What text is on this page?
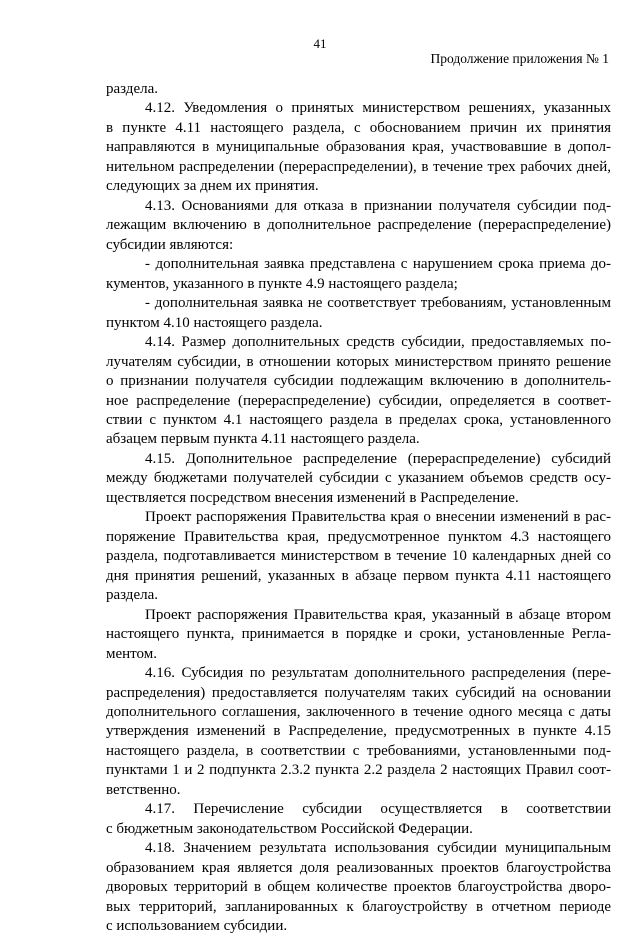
41
Продолжение приложения № 1
раздела.
4.12. Уведомления о принятых министерством решениях, указанных
в пункте 4.11 настоящего раздела, с обоснованием причин их принятия
направляются в муниципальные образования края, участвовавшие в допол-
нительном распределении (перераспределении), в течение трех рабочих дней,
следующих за днем их принятия.
4.13. Основаниями для отказа в признании получателя субсидии под-
лежащим включению в дополнительное распределение (перераспределение)
субсидии являются:
- дополнительная заявка представлена с нарушением срока приема до-
кументов, указанного в пункте 4.9 настоящего раздела;
- дополнительная заявка не соответствует требованиям, установленным
пунктом 4.10 настоящего раздела.
4.14. Размер дополнительных средств субсидии, предоставляемых по-
лучателям субсидии, в отношении которых министерством принято решение
о признании получателя субсидии подлежащим включению в дополнитель-
ное распределение (перераспределение) субсидии, определяется в соответ-
ствии с пунктом 4.1 настоящего раздела в пределах срока, установленного
абзацем первым пункта 4.11 настоящего раздела.
4.15. Дополнительное распределение (перераспределение) субсидий
между бюджетами получателей субсидии с указанием объемов средств осу-
ществляется посредством внесения изменений в Распределение.
Проект распоряжения Правительства края о внесении изменений в рас-
поряжение Правительства края, предусмотренное пунктом 4.3 настоящего
раздела, подготавливается министерством в течение 10 календарных дней со
дня принятия решений, указанных в абзаце первом пункта 4.11 настоящего
раздела.
Проект распоряжения Правительства края, указанный в абзаце втором
настоящего пункта, принимается в порядке и сроки, установленные Регла-
ментом.
4.16. Субсидия по результатам дополнительного распределения (пере-
распределения) предоставляется получателям таких субсидий на основании
дополнительного соглашения, заключенного в течение одного месяца с даты
утверждения изменений в Распределение, предусмотренных в пункте 4.15
настоящего раздела, в соответствии с требованиями, установленными под-
пунктами 1 и 2 подпункта 2.3.2 пункта 2.2 раздела 2 настоящих Правил соот-
ветственно.
4.17. Перечисление субсидии осуществляется в соответствии
с бюджетным законодательством Российской Федерации.
4.18. Значением результата использования субсидии муниципальным
образованием края является доля реализованных проектов благоустройства
дворовых территорий в общем количестве проектов благоустройства дворо-
вых территорий, запланированных к благоустройству в отчетном периоде
с использованием субсидии.
